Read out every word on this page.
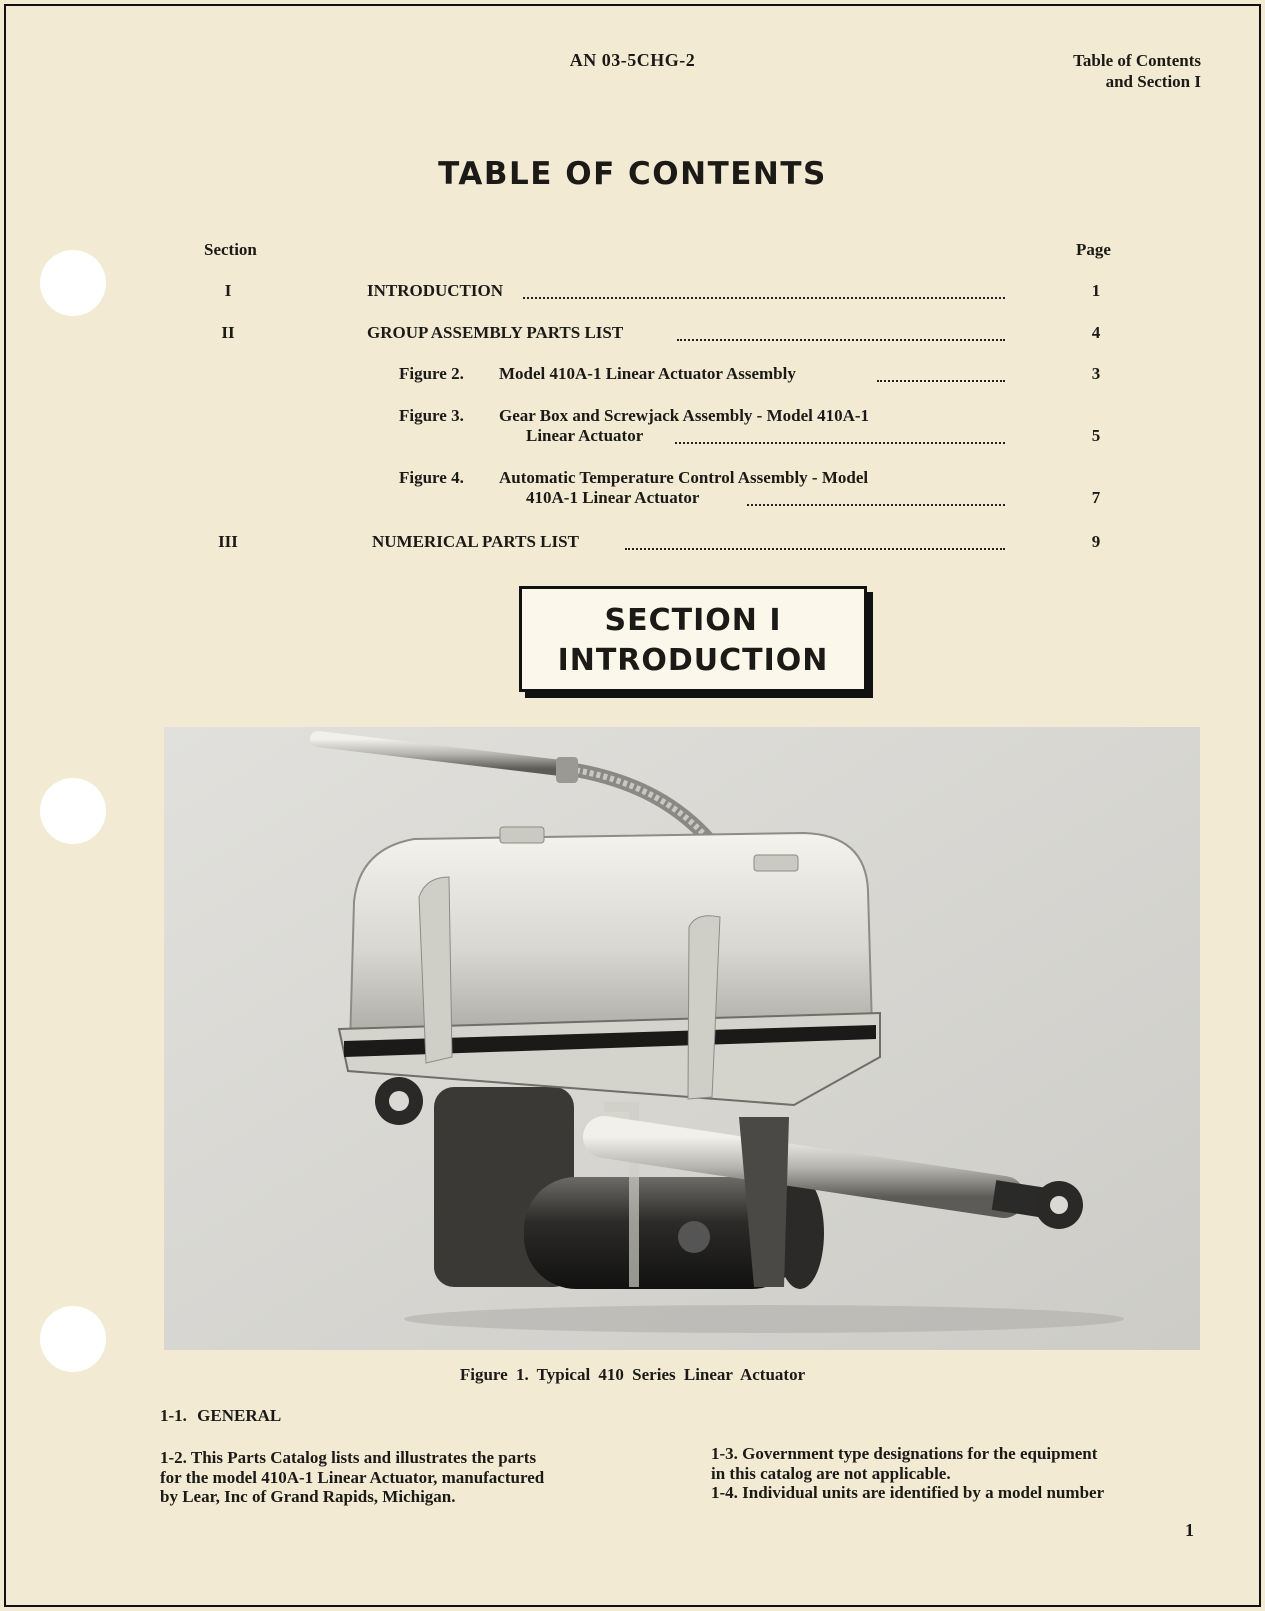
AN 03-5CHG-2	Table of Contents
and Section I
TABLE OF CONTENTS
Section	Page
I	INTRODUCTION	1
II	GROUP ASSEMBLY PARTS LIST	4
Figure 2. Model 410A-1 Linear Actuator Assembly	3
Figure 3. Gear Box and Screwjack Assembly - Model 410A-1
Linear Actuator	5
Figure 4. Automatic Temperature Control Assembly - Model
410A-1 Linear Actuator	7
III	NUMERICAL PARTS LIST	9
SECTION I
INTRODUCTION
Figure 1. Typical 410 Series Linear Actuator
1-1. GENERAL

1-2. This Parts Catalog lists and illustrates the parts

for the model 410A-1 Linear Actuator, manufactured

by Lear, Inc of Grand Rapids, Michigan.

1-3. Government type designations for the equipment

in this catalog are not applicable.

1-4. Individual units are identified by a model number

1
